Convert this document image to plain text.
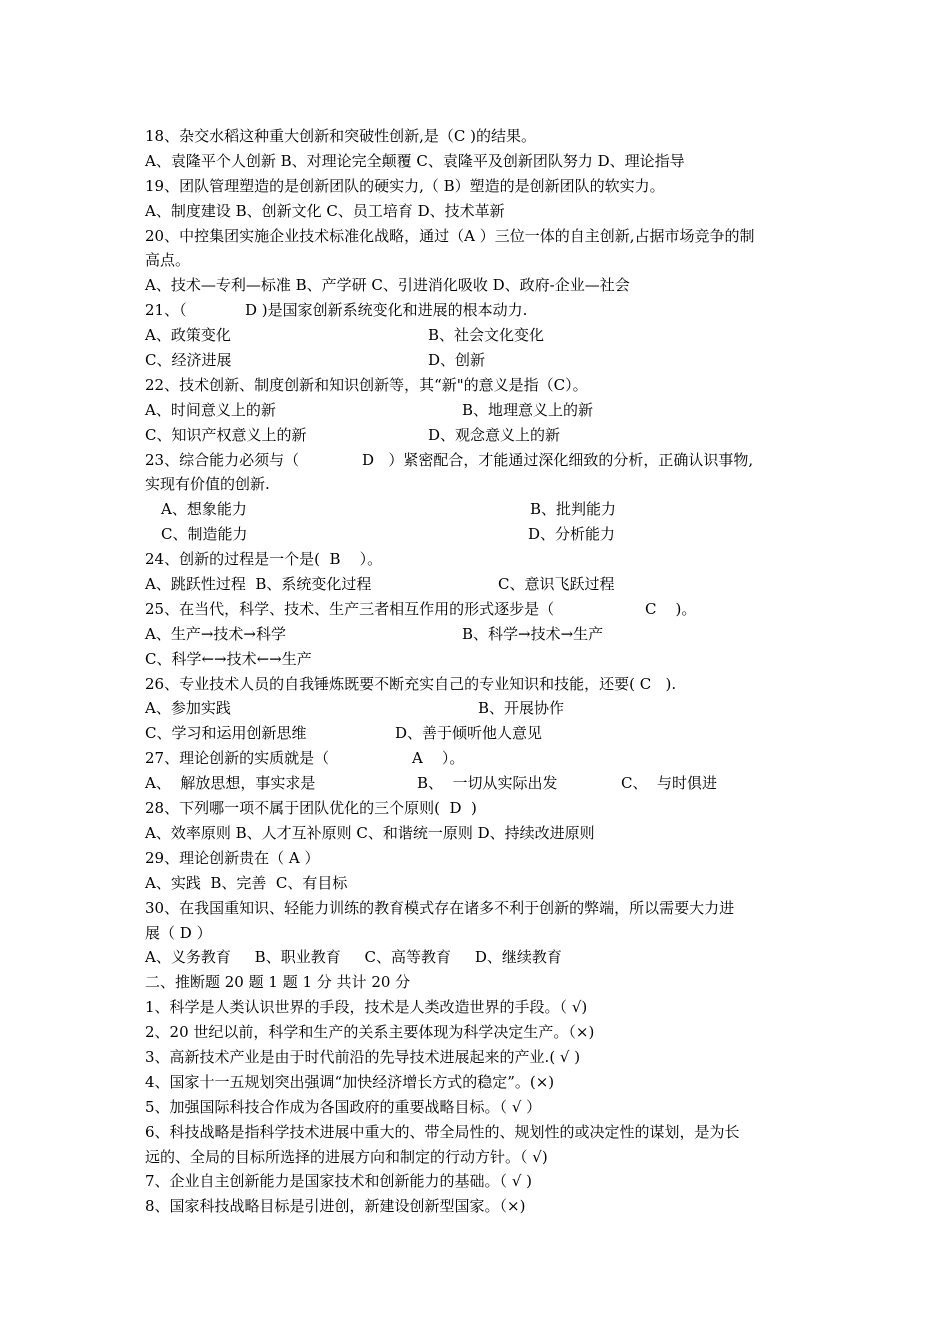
18、杂交水稻这种重大创新和突破性创新,是（C )的结果。
A、袁隆平个人创新 B、对理论完全颠覆 C、袁隆平及创新团队努力 D、理论指导
19、团队管理塑造的是创新团队的硬实力,（ B）塑造的是创新团队的软实力。
A、制度建设 B、创新文化 C、员工培育 D、技术革新
20、中控集团实施企业技术标准化战略，通过（A ）三位一体的自主创新,占据市场竞争的制
高点。
A、技术—专利—标准 B、产学研 C、引进消化吸收 D、政府-企业—社会
21、（	D )是国家创新系统变化和进展的根本动力.
A、政策变化	B、社会文化变化
C、经济进展	D、创新
22、技术创新、制度创新和知识创新等，其“新"的意义是指（C）。
A、时间意义上的新	B、地理意义上的新
C、知识产权意义上的新	D、观念意义上的新
23、综合能力必须与（	D   ）紧密配合，才能通过深化细致的分析，正确认识事物,
实现有价值的创新.
A、想象能力	B、批判能力
C、制造能力	D、分析能力
24、创新的过程是一个是(  B    ）。
A、跳跃性过程  B、系统变化过程	C、意识飞跃过程
25、在当代，科学、技术、生产三者相互作用的形式逐步是（	C    )。
A、生产→技术→科学	B、科学→技术→生产
C、科学←→技术←→生产
26、专业技术人员的自我锤炼既要不断充实自己的专业知识和技能，还要( C   ).
A、参加实践	B、开展协作
C、学习和运用创新思维	D、善于倾听他人意见
27、理论创新的实质就是（	A    ）。
A、  解放思想，事实求是	B、  一切从实际出发	C、  与时俱进
28、下列哪一项不属于团队优化的三个原则(  D  )
A、效率原则 B、人才互补原则 C、和谐统一原则 D、持续改进原则
29、理论创新贵在（ A ）
A、实践  B、完善  C、有目标
30、在我国重知识、轻能力训练的教育模式存在诸多不利于创新的弊端，所以需要大力进
展（ D ）
A、义务教育     B、职业教育     C、高等教育     D、继续教育
二、推断题 20 题 1 题 1 分 共计 20 分
1、科学是人类认识世界的手段，技术是人类改造世界的手段。（ √)
2、20 世纪以前，科学和生产的关系主要体现为科学决定生产。（×)
3、高新技术产业是由于时代前沿的先导技术进展起来的产业.( √ )
4、国家十一五规划突出强调“加快经济增长方式的稳定”。(×)
5、加强国际科技合作成为各国政府的重要战略目标。（ √ ）
6、科技战略是指科学技术进展中重大的、带全局性的、规划性的或决定性的谋划，是为长
远的、全局的目标所选择的进展方向和制定的行动方针。（ √)
7、企业自主创新能力是国家技术和创新能力的基础。（ √ )
8、国家科技战略目标是引进创，新建设创新型国家。（×)
